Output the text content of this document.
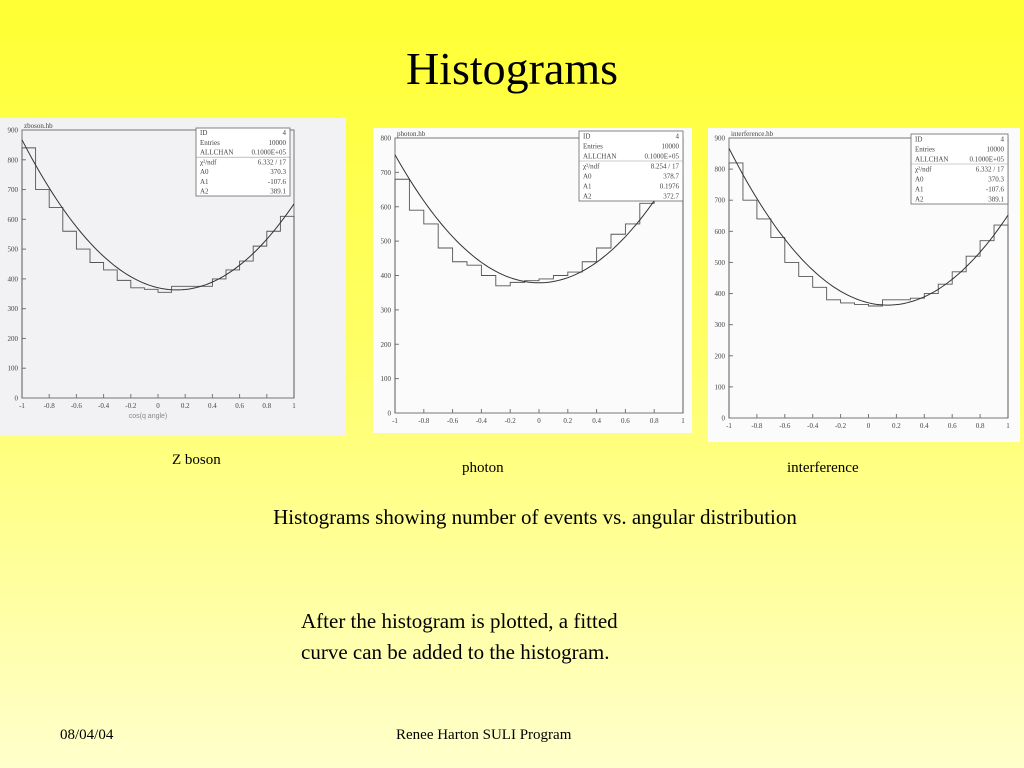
Histograms
zboson.hb
0
100
200
300
400
500
600
700
800
900
-1	-0.8 -0.6 -0.4 -0.2	0	0.2	0.4	0.6	0.8	1
cos(q angle)
ID	4
Entries	10000
ALLCHAN	0.1000E+05
χ²/ndf	6.332 / 17
A0	370.3
A1	-107.6
A2	389.1
photon.hb
0
100
200
300
400
500
600
700
800
-1	-0.8	-0.6	-0.4	-0.2	0	0.2	0.4	0.6	0.8	1
ID	4
Entries	10000
ALLCHAN	0.1000E+05
χ²/ndf	8.254 / 17
A0	378.7
A1	0.1976
A2	372.7
interference.hb
0
100
200
300
400
500
600
700
800
900
-1	-0.8 -0.6 -0.4 -0.2	0	0.2	0.4	0.6	0.8	1
ID	4
Entries	10000
ALLCHAN	0.1000E+05
χ²/ndf	6.332 / 17
A0	370.3
A1	-107.6
A2	389.1
Z boson	photon	interference
Histograms showing number of events vs. angular distribution
After the histogram is plotted, a fitted
curve can be added to the histogram.
08/04/04	Renee Harton SULI Program
